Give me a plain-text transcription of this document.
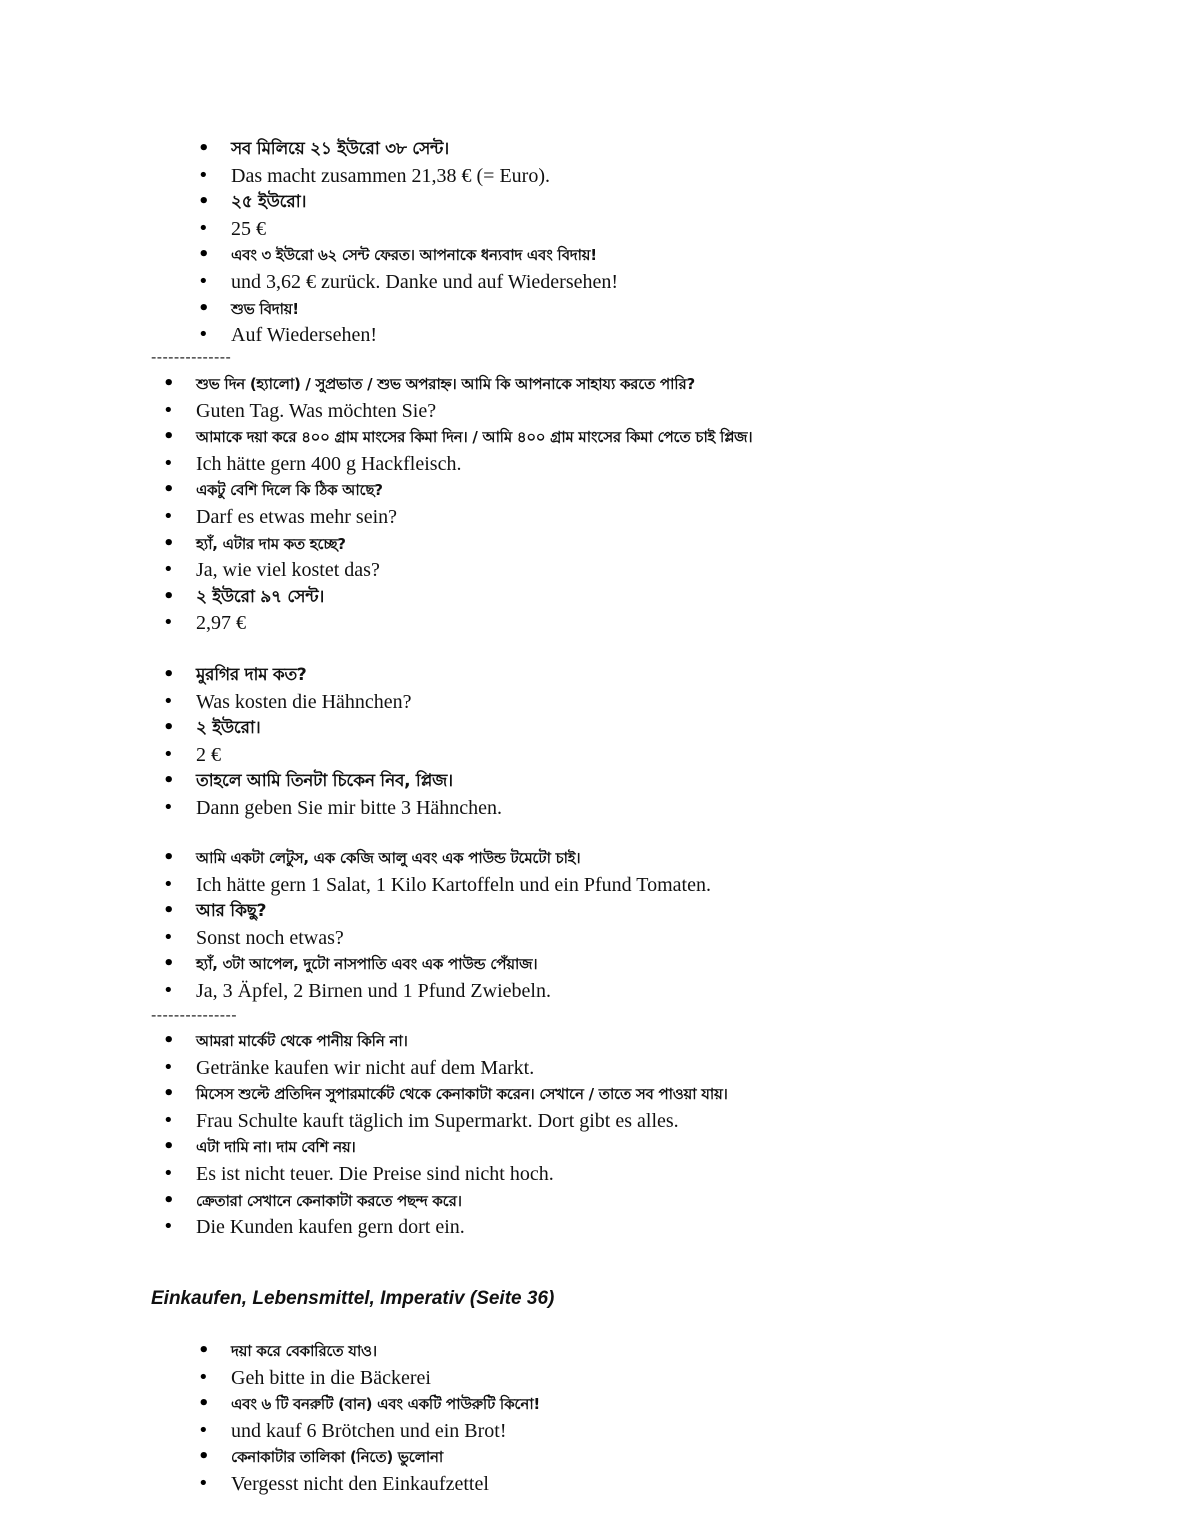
• সব মিলিয়ে ২১ ইউরো ৩৮ সেন্ট।
• Das macht zusammen 21,38 € (= Euro).
• ২৫ ইউরো।
• 25 €
• এবং ৩ ইউরো ৬২ সেন্ট ফেরত। আপনাকে ধন্যবাদ এবং বিদায়!
• und 3,62 € zurück. Danke und auf Wiedersehen!
• শুভ বিদায়!
• Auf Wiedersehen!
--------------
• শুভ দিন (হ্যালো) / সুপ্রভাত / শুভ অপরাহ্ন। আমি কি আপনাকে সাহায্য করতে পারি?
• Guten Tag. Was möchten Sie?
• আমাকে দয়া করে ৪০০ গ্রাম মাংসের কিমা দিন। / আমি ৪০০ গ্রাম মাংসের কিমা পেতে চাই প্লিজ।
• Ich hätte gern 400 g Hackfleisch.
• একটু বেশি দিলে কি ঠিক আছে?
• Darf es etwas mehr sein?
• হ্যাঁ, এটার দাম কত হচ্ছে?
• Ja, wie viel kostet das?
• ২ ইউরো ৯৭ সেন্ট।
• 2,97 €
• মুরগির দাম কত?
• Was kosten die Hähnchen?
• ২ ইউরো।
• 2 €
• তাহলে আমি তিনটা চিকেন নিব, প্লিজ।
• Dann geben Sie mir bitte 3 Hähnchen.
• আমি একটা লেটুস, এক কেজি আলু এবং এক পাউন্ড টমেটো চাই।
• Ich hätte gern 1 Salat, 1 Kilo Kartoffeln und ein Pfund Tomaten.
• আর কিছু?
• Sonst noch etwas?
• হ্যাঁ, ৩টা আপেল, দুটো নাসপাতি এবং এক পাউন্ড পেঁয়াজ।
• Ja, 3 Äpfel, 2 Birnen und 1 Pfund Zwiebeln.
---------------
• আমরা মার্কেট থেকে পানীয় কিনি না।
• Getränke kaufen wir nicht auf dem Markt.
• মিসেস শুল্টে প্রতিদিন সুপারমার্কেট থেকে কেনাকাটা করেন। সেখানে / তাতে সব পাওয়া যায়।
• Frau Schulte kauft täglich im Supermarkt. Dort gibt es alles.
• এটা দামি না। দাম বেশি নয়।
• Es ist nicht teuer. Die Preise sind nicht hoch.
• ক্রেতারা সেখানে কেনাকাটা করতে পছন্দ করে।
• Die Kunden kaufen gern dort ein.
Einkaufen, Lebensmittel, Imperativ (Seite 36)
• দয়া করে বেকারিতে যাও।
• Geh bitte in die Bäckerei
• এবং ৬ টি বনরুটি (বান) এবং একটি পাউরুটি কিনো!
• und kauf 6 Brötchen und ein Brot!
• কেনাকাটার তালিকা (নিতে) ভুলোনা
• Vergesst nicht den Einkaufzettel
